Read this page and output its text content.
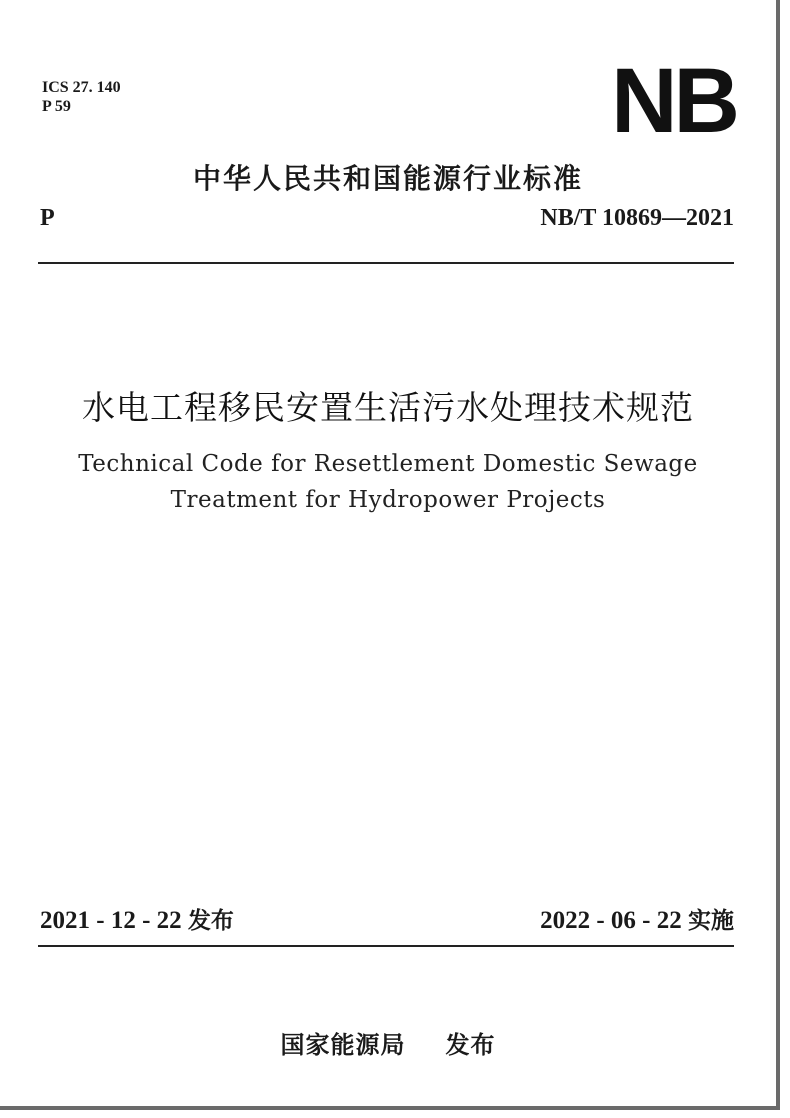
ICS 27. 140
P 59	NB
中华人民共和国能源行业标准
P	NB/T 10869—2021
水电工程移民安置生活污水处理技术规范
Technical Code for Resettlement Domestic Sewage
Treatment for Hydropower Projects
2021 - 12 - 22 发布	2022 - 06 - 22 实施
国家能源局 发布
